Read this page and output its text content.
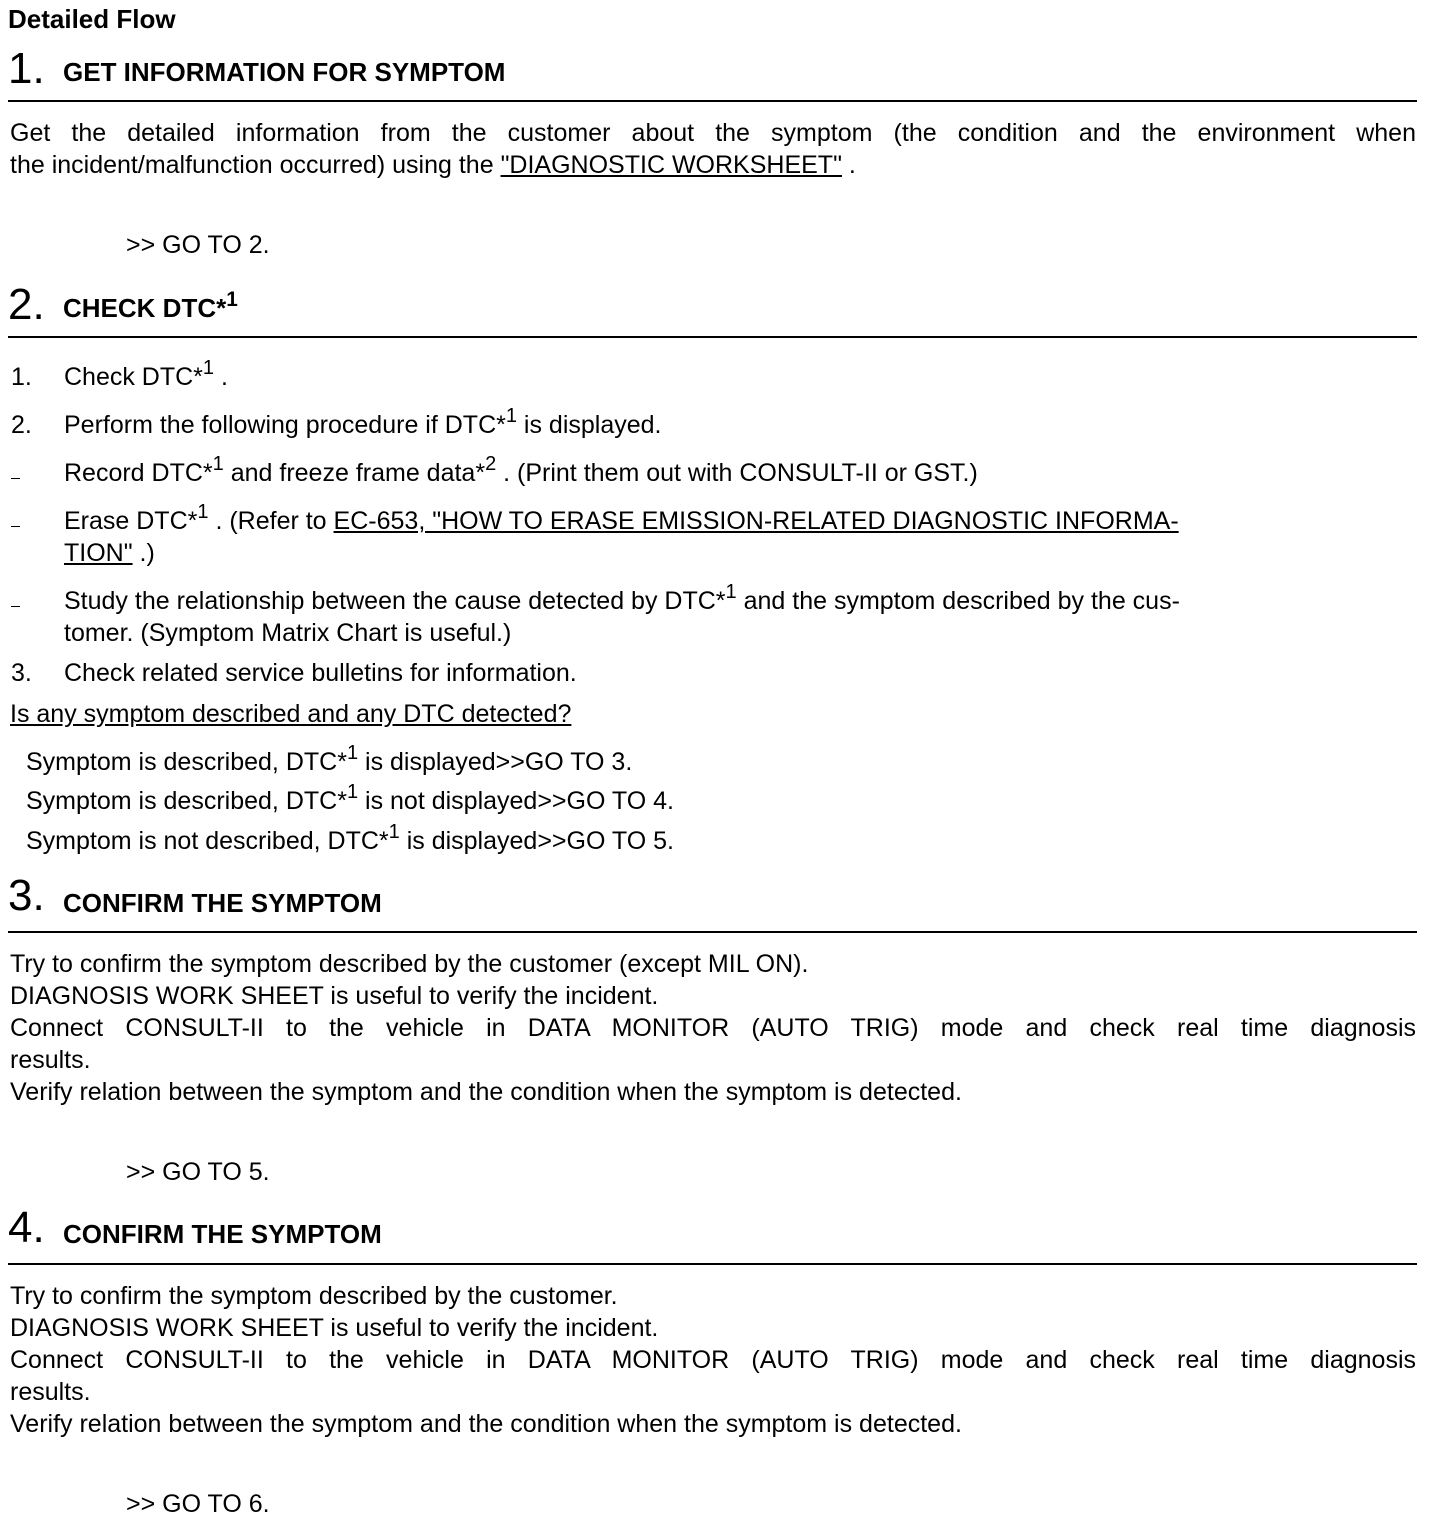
Detailed Flow
1. GET INFORMATION FOR SYMPTOM
Get the detailed information from the customer about the symptom (the condition and the environment when
the incident/malfunction occurred) using the "DIAGNOSTIC WORKSHEET" .
>> GO TO 2.
2. CHECK DTC*$^1$
1. Check DTC*$^1$ .
2. Perform the following procedure if DTC*$^1$ is displayed.
Record DTC*$^1$ and freeze frame data*$^2$ . (Print them out with CONSULT-II or GST.)
Erase DTC*$^1$ . (Refer to EC-653, "HOW TO ERASE EMISSION-RELATED DIAGNOSTIC INFORMA-
TION" .)
Study the relationship between the cause detected by DTC*$^1$ and the symptom described by the cus-
tomer. (Symptom Matrix Chart is useful.)
3. Check related service bulletins for information.
Is any symptom described and any DTC detected?
Symptom is described, DTC*$^1$ is displayed>>GO TO 3.
Symptom is described, DTC*$^1$ is not displayed>>GO TO 4.
Symptom is not described, DTC*$^1$ is displayed>>GO TO 5.
3. CONFIRM THE SYMPTOM
Try to confirm the symptom described by the customer (except MIL ON).
DIAGNOSIS WORK SHEET is useful to verify the incident.
Connect CONSULT-II to the vehicle in DATA MONITOR (AUTO TRIG) mode and check real time diagnosis
results.
Verify relation between the symptom and the condition when the symptom is detected.
>> GO TO 5.
4. CONFIRM THE SYMPTOM
Try to confirm the symptom described by the customer.
DIAGNOSIS WORK SHEET is useful to verify the incident.
Connect CONSULT-II to the vehicle in DATA MONITOR (AUTO TRIG) mode and check real time diagnosis
results.
Verify relation between the symptom and the condition when the symptom is detected.
>> GO TO 6.
